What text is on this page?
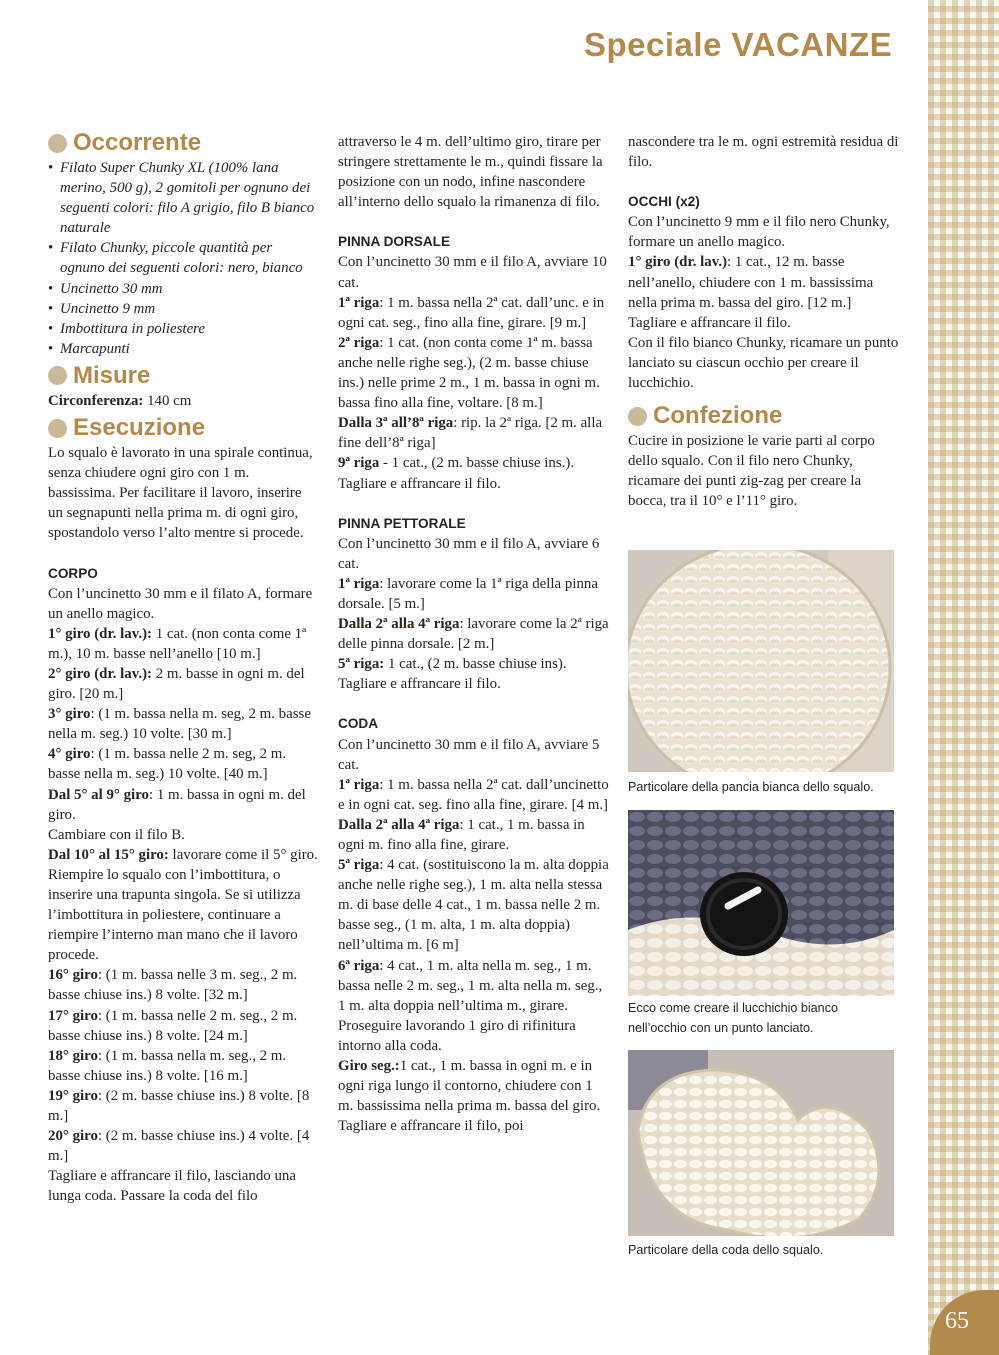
65
Speciale VACANZE
Occorrente
• Filato Super Chunky XL (100% lana merino, 500 g), 2 gomitoli per ognuno dei seguenti colori: filo A grigio, filo B bianco naturale
• Filato Chunky, piccole quantità per ognuno dei seguenti colori: nero, bianco
• Uncinetto 30 mm
• Uncinetto 9 mm
• Imbottitura in poliestere
• Marcapunti
Misure

Circonferenza: 140 cm

Esecuzione

Lo squalo è lavorato in una spirale continua, senza chiudere ogni giro con 1 m. bassissima. Per facilitare il lavoro, inserire un segnapunti nella prima m. di ogni giro, spostandolo verso l’alto mentre si procede.

CORPO

Con l’uncinetto 30 mm e il filato A, formare un anello magico.

1° giro (dr. lav.): 1 cat. (non conta come 1ª m.), 10 m. basse nell’anello [10 m.]

2° giro (dr. lav.): 2 m. basse in ogni m. del giro. [20 m.]

3° giro: (1 m. bassa nella m. seg, 2 m. basse nella m. seg.) 10 volte. [30 m.]

4° giro: (1 m. bassa nelle 2 m. seg, 2 m. basse nella m. seg.) 10 volte. [40 m.]

Dal 5° al 9° giro: 1 m. bassa in ogni m. del giro.

Cambiare con il filo B.

Dal 10° al 15° giro: lavorare come il 5° giro.

Riempire lo squalo con l’imbottitura, o inserire una trapunta singola. Se si utilizza l’imbottitura in poliestere, continuare a riempire l’interno man mano che il lavoro procede.

16° giro: (1 m. bassa nelle 3 m. seg., 2 m. basse chiuse ins.) 8 volte. [32 m.]

17° giro: (1 m. bassa nelle 2 m. seg., 2 m. basse chiuse ins.) 8 volte. [24 m.]

18° giro: (1 m. bassa nella m. seg., 2 m. basse chiuse ins.) 8 volte. [16 m.]

19° giro: (2 m. basse chiuse ins.) 8 volte. [8 m.]

20° giro: (2 m. basse chiuse ins.) 4 volte. [4 m.]

Tagliare e affrancare il filo, lasciando una lunga coda. Passare la coda del filo

attraverso le 4 m. dell’ultimo giro, tirare per stringere strettamente le m., quindi fissare la posizione con un nodo, infine nascondere all’interno dello squalo la rimanenza di filo.

PINNA DORSALE

Con l’uncinetto 30 mm e il filo A, avviare 10 cat.

1ª riga: 1 m. bassa nella 2ª cat. dall’unc. e in ogni cat. seg., fino alla fine, girare. [9 m.]

2ª riga: 1 cat. (non conta come 1ª m. bassa anche nelle righe seg.), (2 m. basse chiuse ins.) nelle prime 2 m., 1 m. bassa in ogni m. bassa fino alla fine, voltare. [8 m.]

Dalla 3ª all’8ª riga: rip. la 2ª riga. [2 m. alla fine dell’8ª riga]

9ª riga - 1 cat., (2 m. basse chiuse ins.).

Tagliare e affrancare il filo.

PINNA PETTORALE

Con l’uncinetto 30 mm e il filo A, avviare 6 cat.

1ª riga: lavorare come la 1ª riga della pinna dorsale. [5 m.]

Dalla 2ª alla 4ª riga: lavorare come la 2ª riga delle pinna dorsale. [2 m.]

5ª riga: 1 cat., (2 m. basse chiuse ins).

Tagliare e affrancare il filo.

CODA

Con l’uncinetto 30 mm e il filo A, avviare 5 cat.

1ª riga: 1 m. bassa nella 2ª cat. dall’uncinetto e in ogni cat. seg. fino alla fine, girare. [4 m.]

Dalla 2ª alla 4ª riga: 1 cat., 1 m. bassa in ogni m. fino alla fine, girare.

5ª riga: 4 cat. (sostituiscono la m. alta doppia anche nelle righe seg.), 1 m. alta nella stessa m. di base delle 4 cat., 1 m. bassa nelle 2 m. basse seg., (1 m. alta, 1 m. alta doppia) nell’ultima m. [6 m]

6ª riga: 4 cat., 1 m. alta nella m. seg., 1 m. bassa nelle 2 m. seg., 1 m. alta nella m. seg., 1 m. alta doppia nell’ultima m., girare.

Proseguire lavorando 1 giro di rifinitura intorno alla coda.

Giro seg.:1 cat., 1 m. bassa in ogni m. e in ogni riga lungo il contorno, chiudere con 1 m. bassissima nella prima m. bassa del giro.

Tagliare e affrancare il filo, poi

nascondere tra le m. ogni estremità residua di filo.

OCCHI (x2)

Con l’uncinetto 9 mm e il filo nero Chunky, formare un anello magico.

1° giro (dr. lav.): 1 cat., 12 m. basse nell’anello, chiudere con 1 m. bassissima nella prima m. bassa del giro. [12 m.]

Tagliare e affrancare il filo.

Con il filo bianco Chunky, ricamare un punto lanciato su ciascun occhio per creare il lucchichio.

Confezione

Cucire in posizione le varie parti al corpo dello squalo. Con il filo nero Chunky, ricamare dei punti zig-zag per creare la bocca, tra il 10° e l’11° giro.

Particolare della pancia bianca dello squalo.
Ecco come creare il lucchichio bianco
nell’occhio con un punto lanciato.
Particolare della coda dello squalo.
